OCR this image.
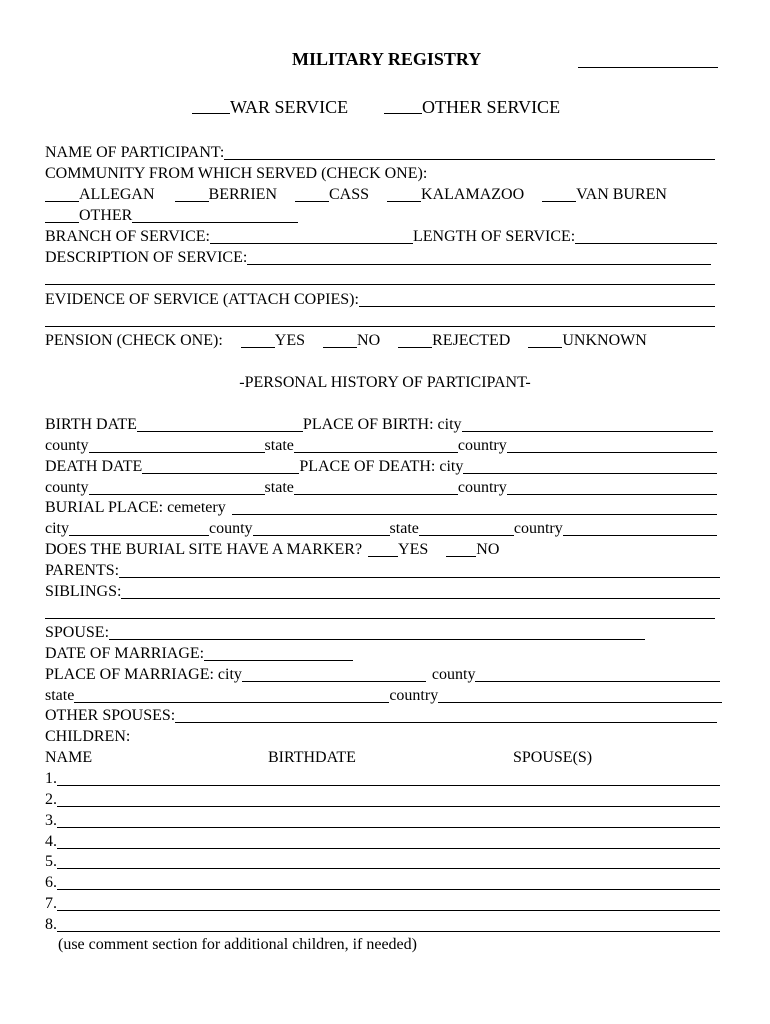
MILITARY REGISTRY
WAR SERVICE	OTHER SERVICE
NAME OF PARTICIPANT:
COMMUNITY FROM WHICH SERVED (CHECK ONE):
ALLEGAN	BERRIEN	CASS	KALAMAZOO	VAN BUREN
OTHER
BRANCH OF SERVICE:	LENGTH OF SERVICE:
DESCRIPTION OF SERVICE:
EVIDENCE OF SERVICE (ATTACH COPIES):
PENSION (CHECK ONE):	YES	NO	REJECTED	UNKNOWN
-PERSONAL HISTORY OF PARTICIPANT-
BIRTH DATE	PLACE OF BIRTH: city
county	state	country
DEATH DATE	PLACE OF DEATH: city
county	state	country
BURIAL PLACE: cemetery
city	county	state	country
DOES THE BURIAL SITE HAVE A MARKER? YES	NO
PARENTS:
SIBLINGS:
SPOUSE:
DATE OF MARRIAGE:
PLACE OF MARRIAGE: city	county
state	country
OTHER SPOUSES:
CHILDREN:
NAME	BIRTHDATE	SPOUSE(S)
1.
2.
3.
4.
5.
6.
7.
8.
(use comment section for additional children, if needed)
